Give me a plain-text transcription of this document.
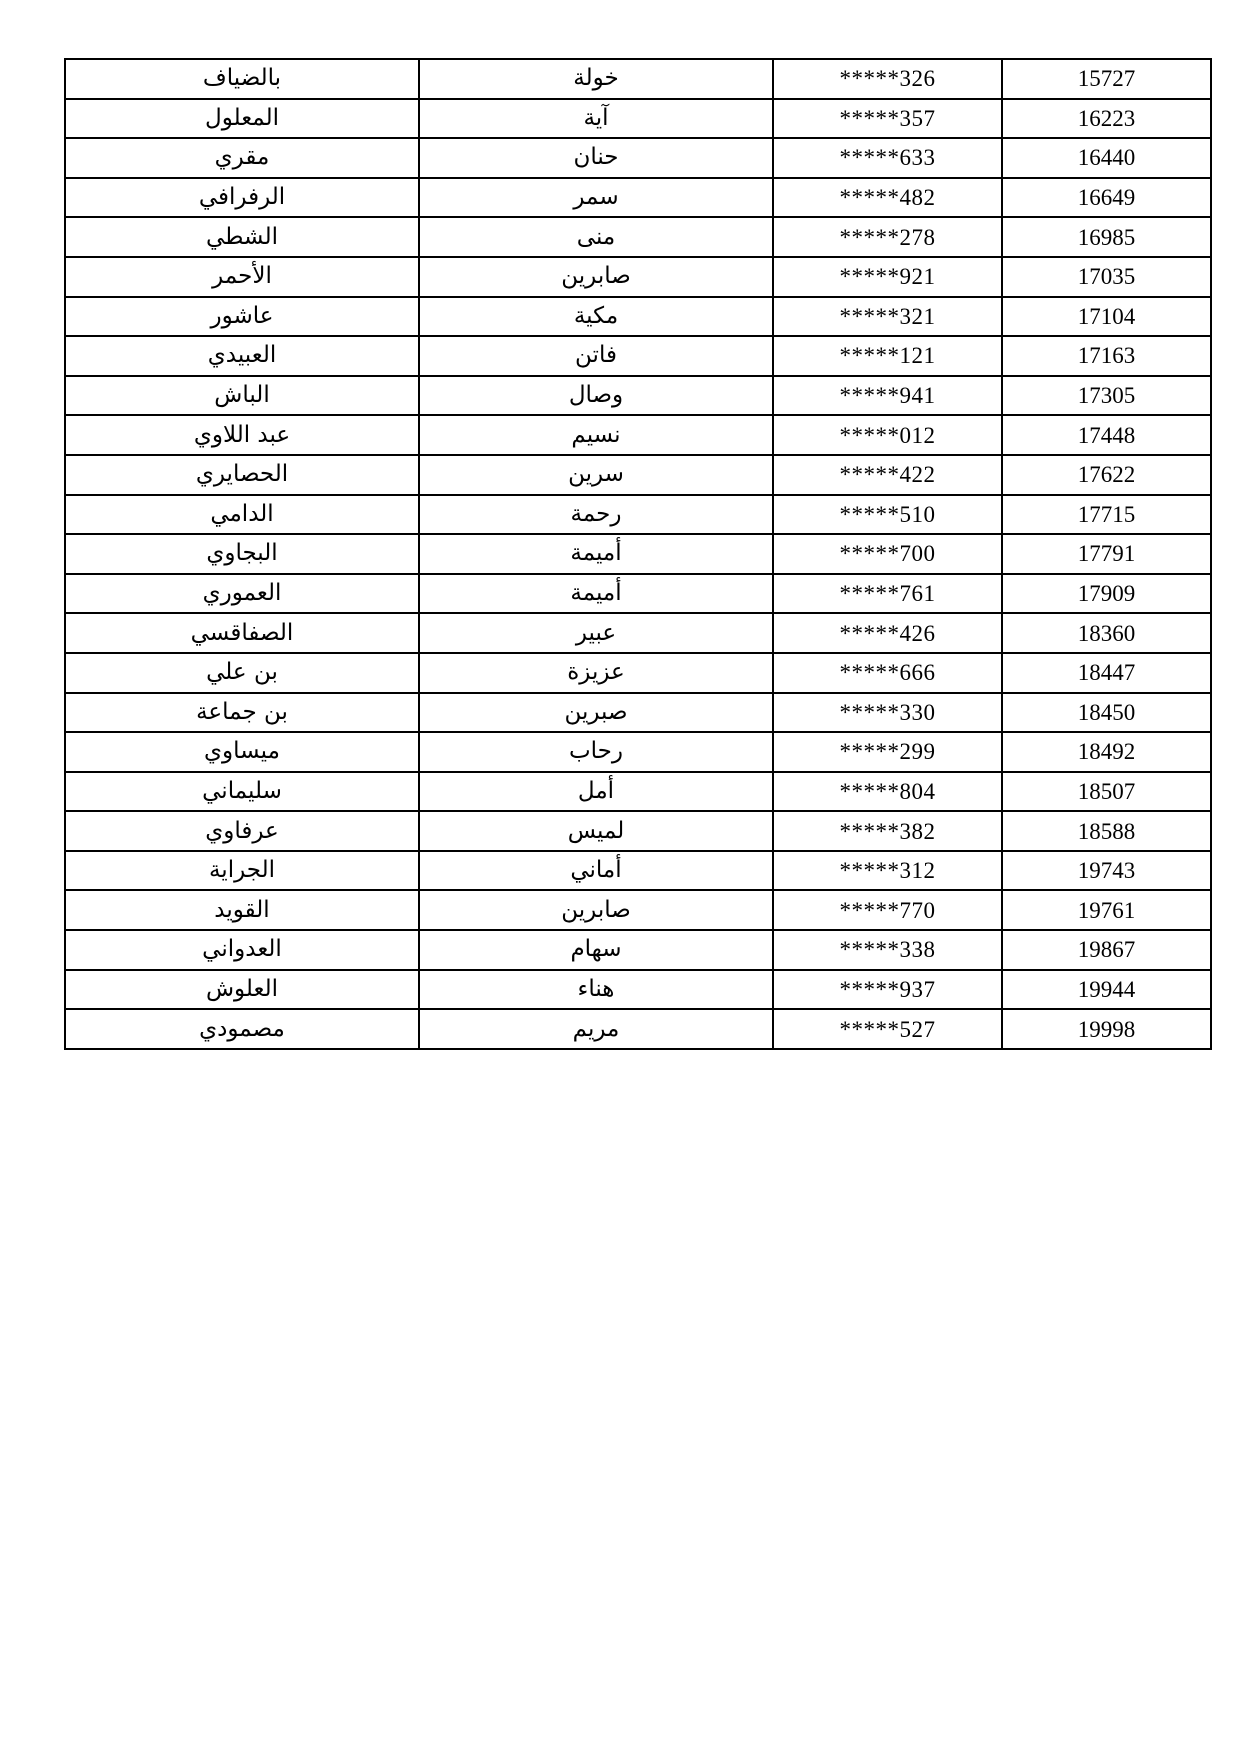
بالضياف	خولة	*****326	15727
المعلول	آية	*****357	16223
مقري	حنان	*****633	16440
الرفرافي	سمر	*****482	16649
الشطي	منى	*****278	16985
الأحمر	صابرين	*****921	17035
عاشور	مكية	*****321	17104
العبيدي	فاتن	*****121	17163
الباش	وصال	*****941	17305
عبد اللاوي	نسيم	*****012	17448
الحصايري	سرين	*****422	17622
الدامي	رحمة	*****510	17715
البجاوي	أميمة	*****700	17791
العموري	أميمة	*****761	17909
الصفاقسي	عبير	*****426	18360
بن علي	عزيزة	*****666	18447
بن جماعة	صبرين	*****330	18450
ميساوي	رحاب	*****299	18492
سليماني	أمل	*****804	18507
عرفاوي	لميس	*****382	18588
الجراية	أماني	*****312	19743
القويد	صابرين	*****770	19761
العدواني	سهام	*****338	19867
العلوش	هناء	*****937	19944
مصمودي	مريم	*****527	19998
